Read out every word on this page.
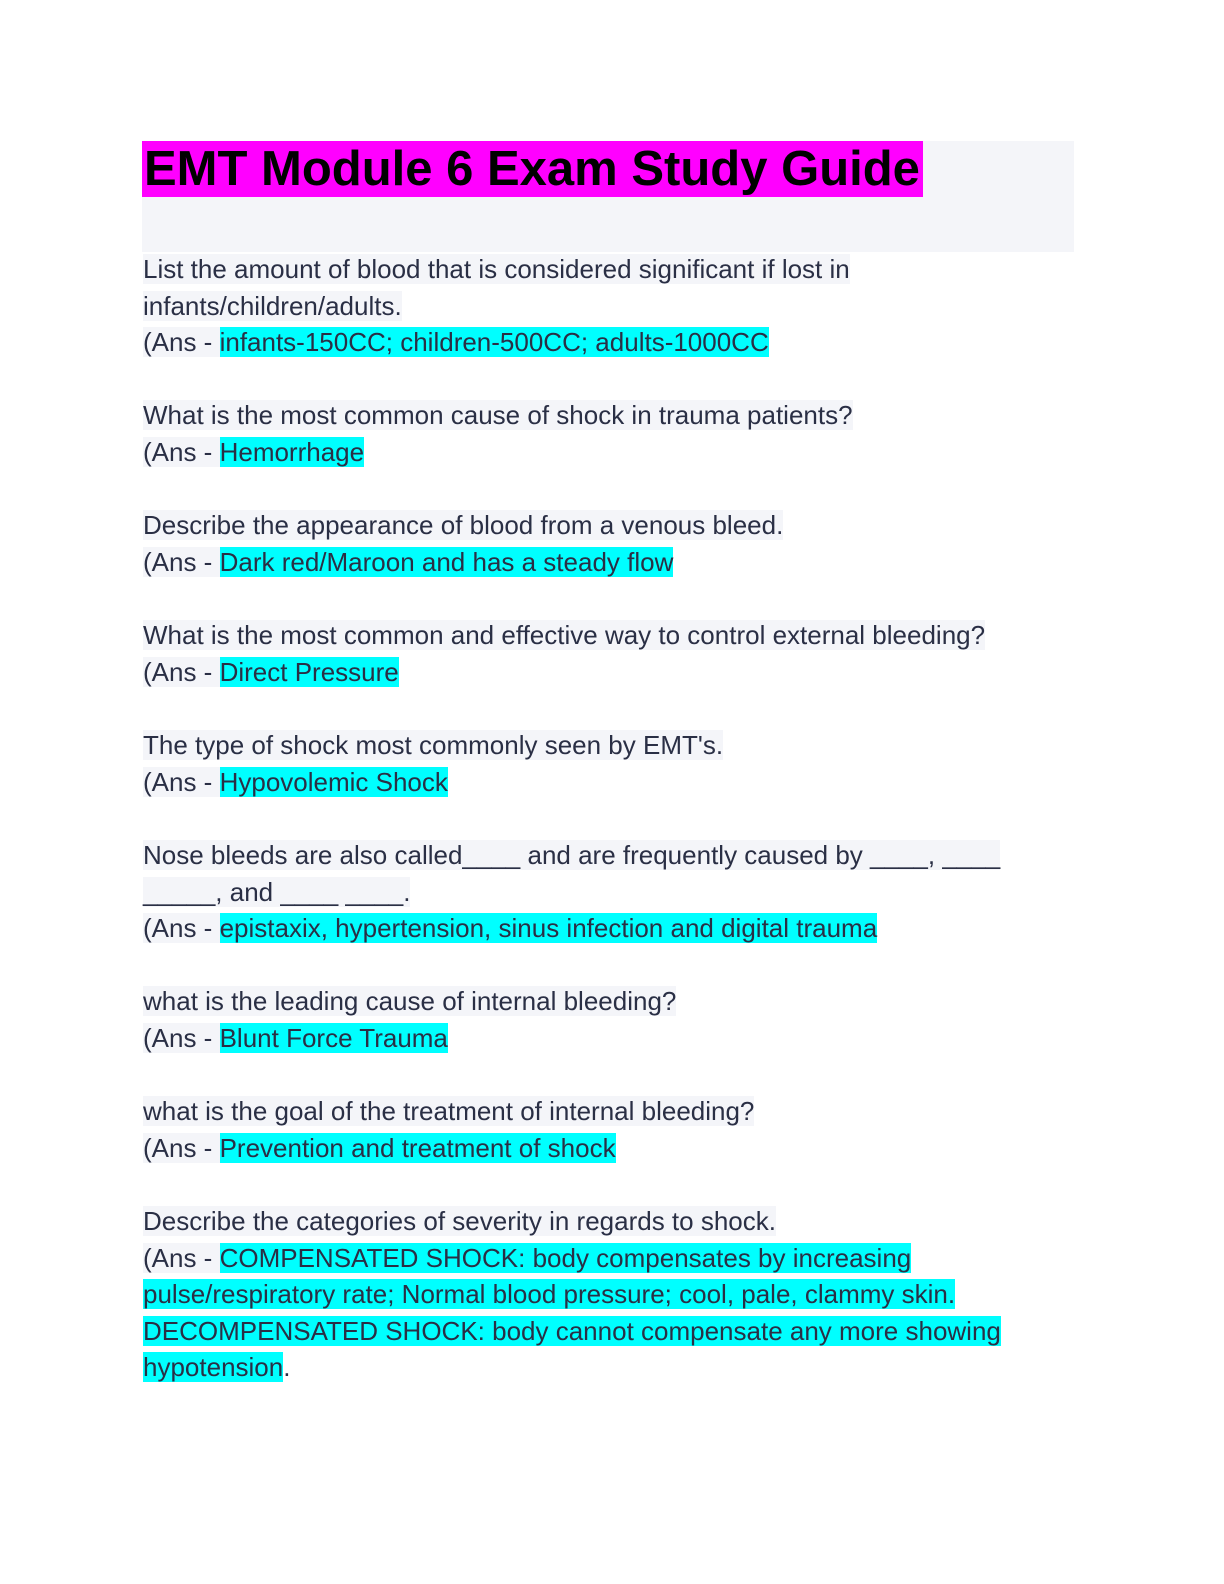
EMT Module 6 Exam Study Guide
List the amount of blood that is considered significant if lost in
infants/children/adults.
(Ans - infants-150CC; children-500CC; adults-1000CC
What is the most common cause of shock in trauma patients?
(Ans - Hemorrhage
Describe the appearance of blood from a venous bleed.
(Ans - Dark red/Maroon and has a steady flow
What is the most common and effective way to control external bleeding?
(Ans - Direct Pressure
The type of shock most commonly seen by EMT's.
(Ans - Hypovolemic Shock
Nose bleeds are also called____ and are frequently caused by ____, ____
_____, and ____ ____.
(Ans - epistaxix, hypertension, sinus infection and digital trauma
what is the leading cause of internal bleeding?
(Ans - Blunt Force Trauma
what is the goal of the treatment of internal bleeding?
(Ans - Prevention and treatment of shock
Describe the categories of severity in regards to shock.
(Ans - COMPENSATED SHOCK: body compensates by increasing
pulse/respiratory rate; Normal blood pressure; cool, pale, clammy skin.
DECOMPENSATED SHOCK: body cannot compensate any more showing
hypotension.
